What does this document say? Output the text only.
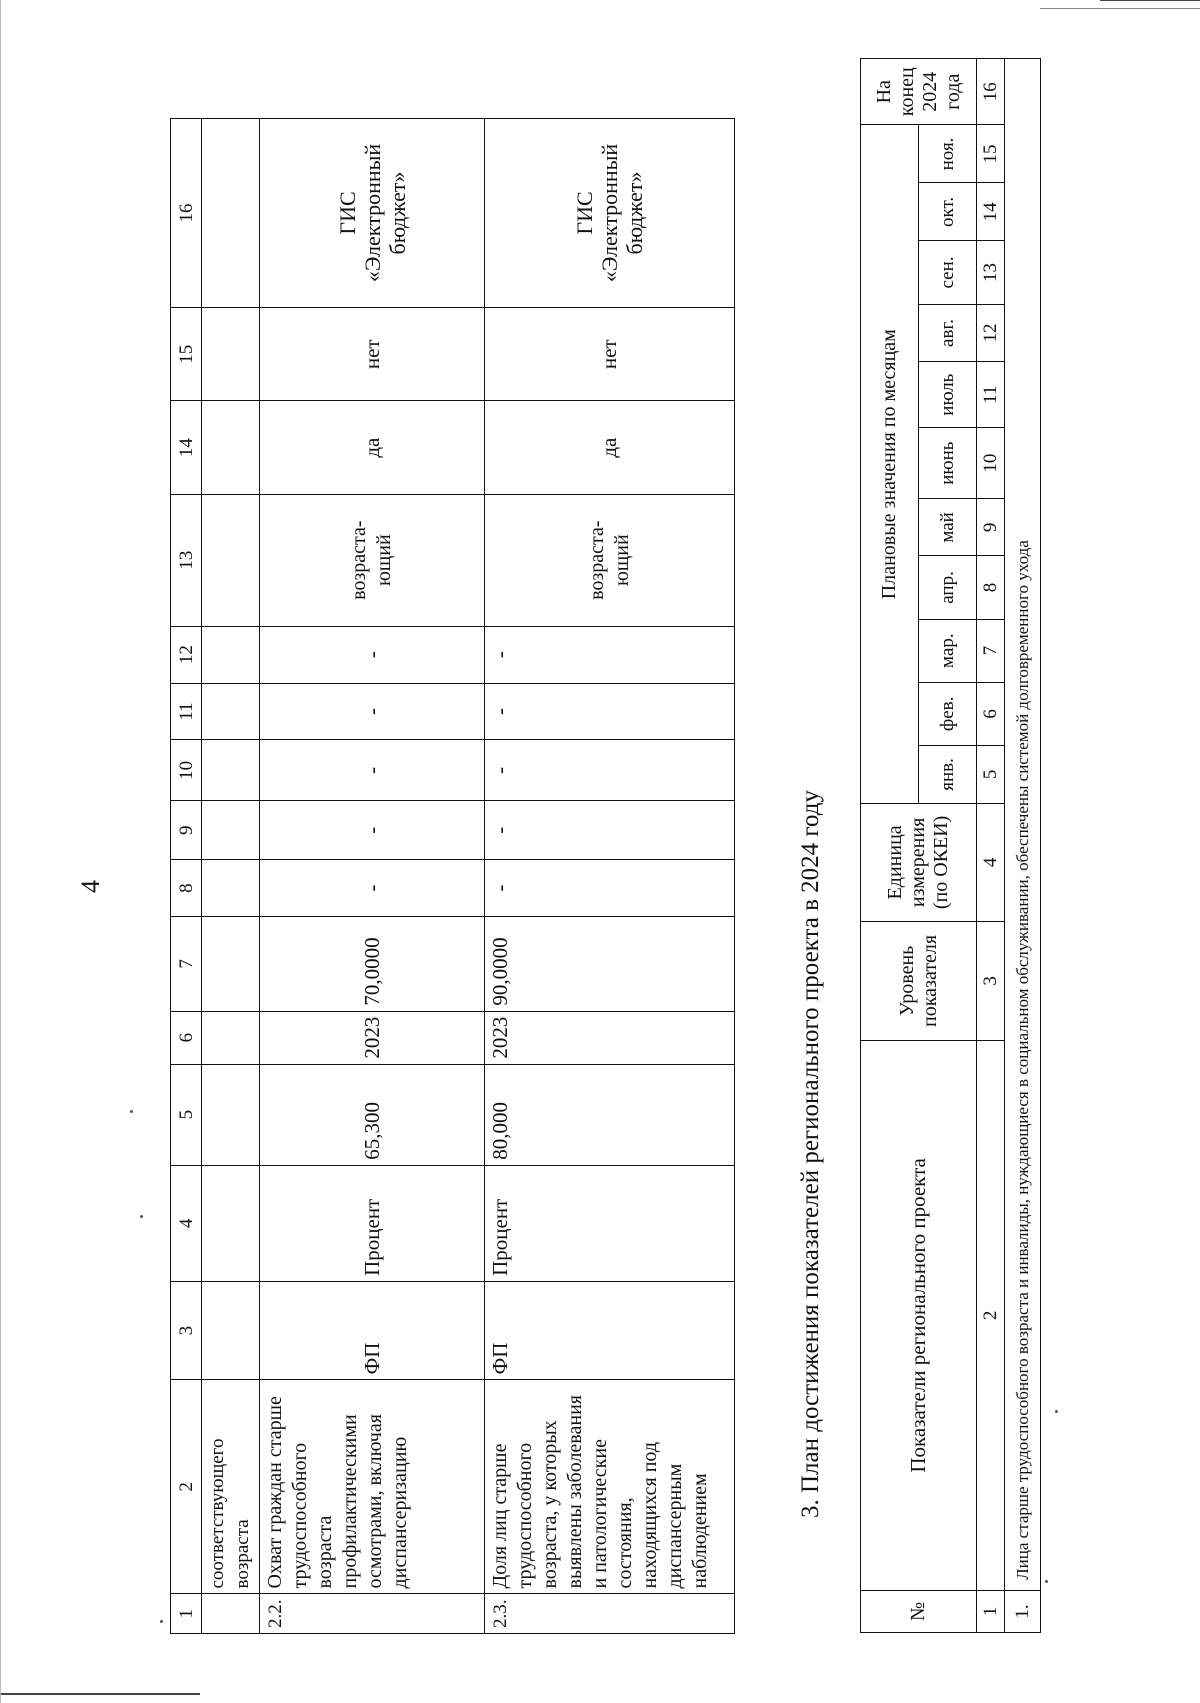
4
1	2	3	4	5	6	7	8	9	10	11	12	13	14	15	16
	соответствующего возраста														
2.2.	Охват граждан старше трудоспособного возраста профилактическими осмотрами, включая диспансеризацию	ФП	Процент	65,300	2023	70,0000	-	-	-	-	-	возраста-ющий	да	нет	ГИС «Электронный бюджет»
2.3.	Доля лиц старше трудоспособного возраста, у которых выявлены заболевания и патологические состояния, находящихся под диспансерным наблюдением	ФП	Процент	80,000	2023	90,0000	-	-	-	-	-	возраста-ющий	да	нет	ГИС «Электронный бюджет»
3. План достижения показателей регионального проекта в 2024 году
№	Показатели регионального проекта	Уровень показателя	Единица измерения (по ОКЕИ)	Плановые значения по месяцам											На конец 2024 года
				янв.	фев.	мар.	апр.	май	июнь	июль	авг.	сен.	окт.	ноя.	
1	2	3	4	5	6	7	8	9	10	11	12	13	14	15	16
1.	Лица старше трудоспособного возраста и инвалиды, нуждающиеся в социальном обслуживании, обеспечены системой долговременного ухода														
